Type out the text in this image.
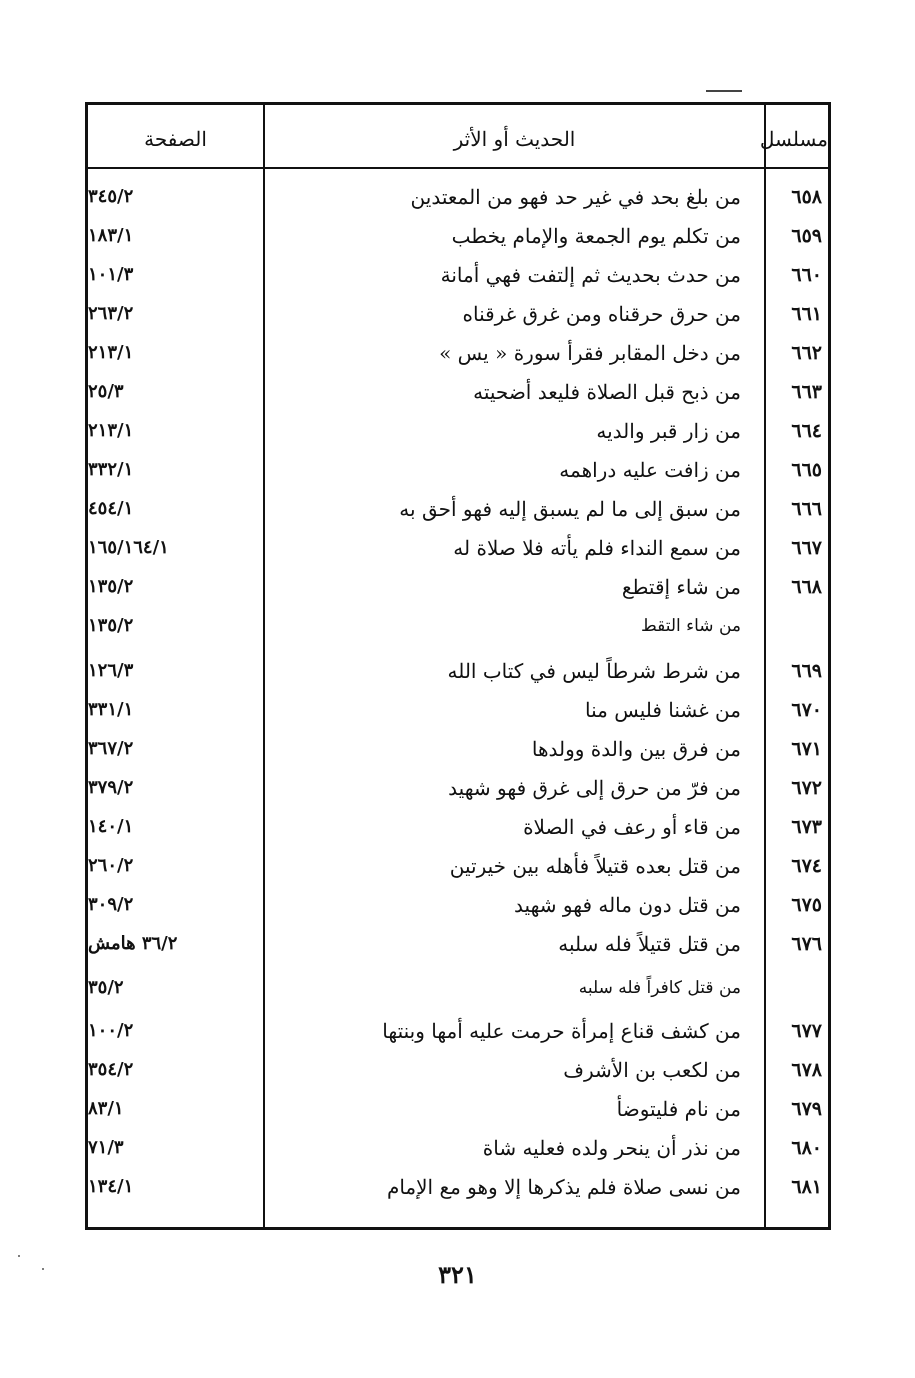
مسلسل
الحديث أو الأثر
الصفحة
٦٥٨
من بلغ بحد في غير حد فهو من المعتدين
٣٤٥/٢
٦٥٩
من تكلم يوم الجمعة والإمام يخطب
١٨٣/١
٦٦٠
من حدث بحديث ثم إلتفت فهي أمانة
١٠١/٣
٦٦١
من حرق حرقناه ومن غرق غرقناه
٢٦٣/٢
٦٦٢
من دخل المقابر فقرأ سورة « يس »
٢١٣/١
٦٦٣
من ذبح قبل الصلاة فليعد أضحيته
٢٥/٣
٦٦٤
من زار قبر والديه
٢١٣/١
٦٦٥
من زافت عليه دراهمه
٣٣٢/١
٦٦٦
من سبق إلى ما لم يسبق إليه فهو أحق به
٤٥٤/١
٦٦٧
من سمع النداء فلم يأته فلا صلاة له
١٦٥/١٦٤/١
٦٦٨
من شاء إقتطع
١٣٥/٢
من شاء التقط
١٣٥/٢
٦٦٩
من شرط شرطاً ليس في كتاب الله
١٢٦/٣
٦٧٠
من غشنا فليس منا
٣٣١/١
٦٧١
من فرق بين والدة وولدها
٣٦٧/٢
٦٧٢
من فرّ من حرق إلى غرق فهو شهيد
٣٧٩/٢
٦٧٣
من قاء أو رعف في الصلاة
١٤٠/١
٦٧٤
من قتل بعده قتيلاً فأهله بين خيرتين
٢٦٠/٢
٦٧٥
من قتل دون ماله فهو شهيد
٣٠٩/٢
٦٧٦
من قتل قتيلاً فله سلبه
٣٦/٢ هامش
من قتل كافراً فله سلبه
٣٥/٢
٦٧٧
من كشف قناع إمرأة حرمت عليه أمها وبنتها
١٠٠/٢
٦٧٨
من لكعب بن الأشرف
٣٥٤/٢
٦٧٩
من نام فليتوضأ
٨٣/١
٦٨٠
من نذر أن ينحر ولده فعليه شاة
٧١/٣
٦٨١
من نسى صلاة فلم يذكرها إلا وهو مع الإمام
١٣٤/١
٣٢١
